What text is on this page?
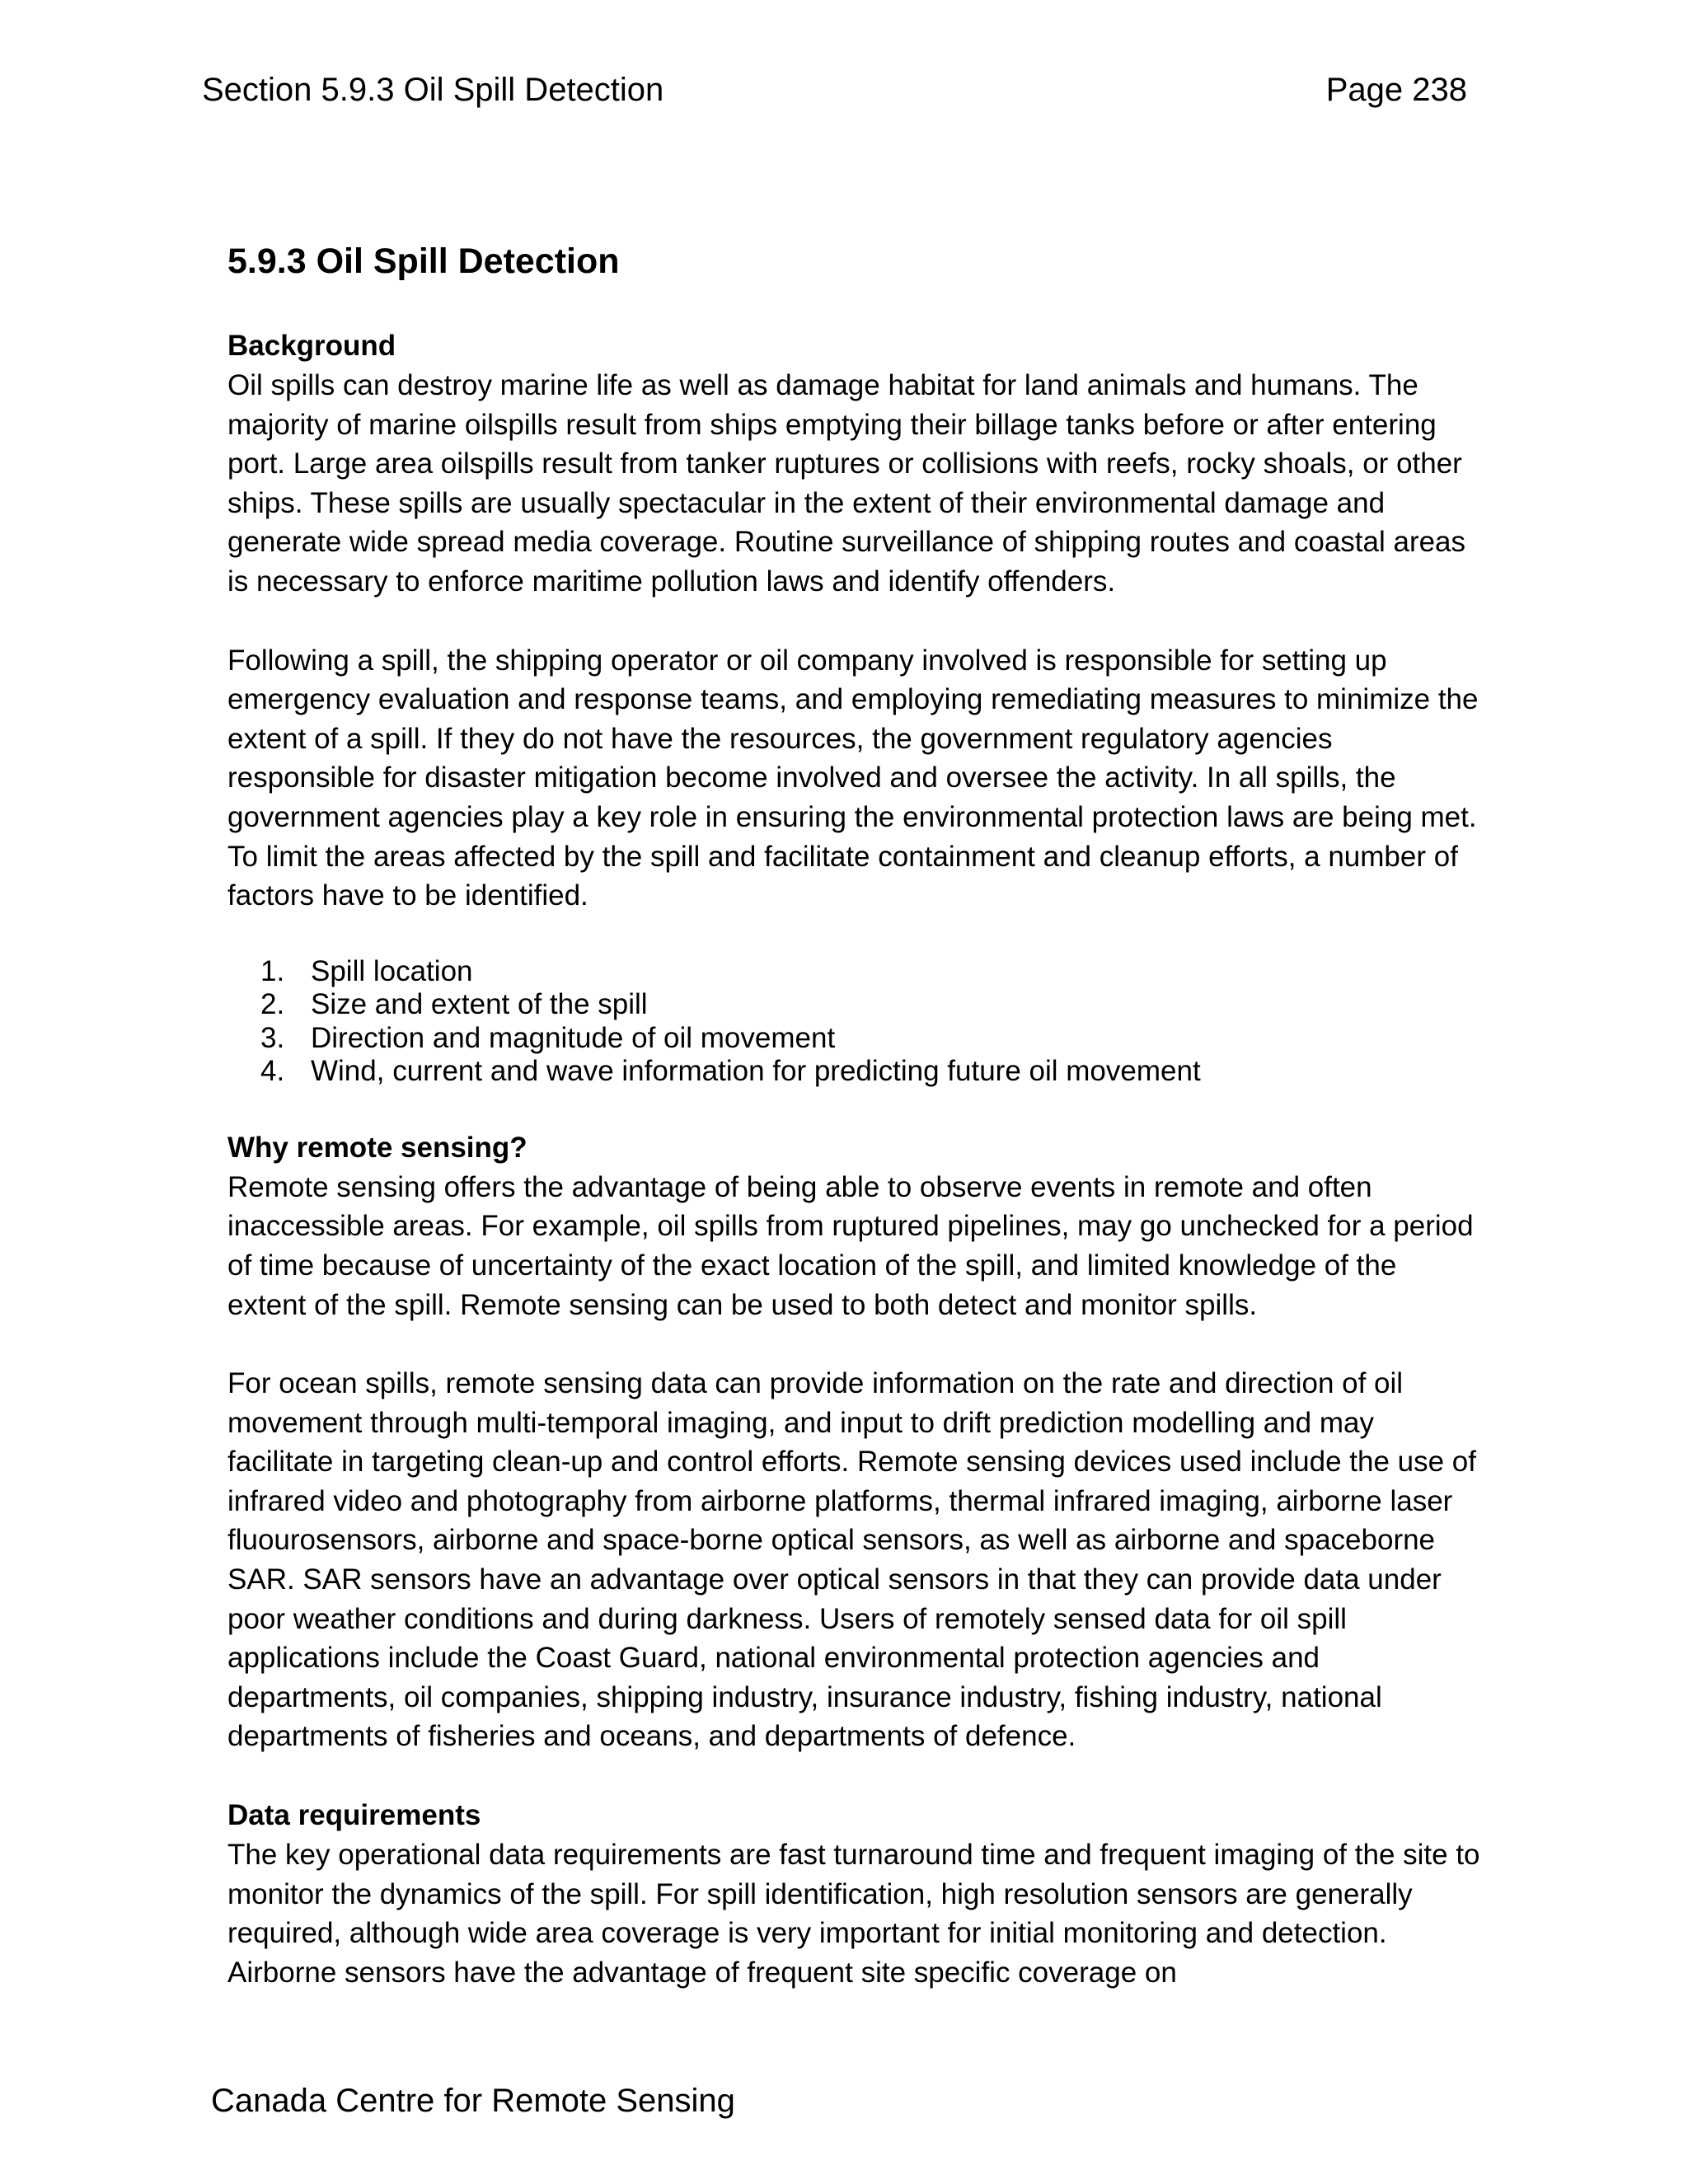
Section 5.9.3 Oil Spill Detection	Page 238
5.9.3 Oil Spill Detection
Background

Oil spills can destroy marine life as well as damage habitat for land animals and humans. The majority of marine oilspills result from ships emptying their billage tanks before or after entering port. Large area oilspills result from tanker ruptures or collisions with reefs, rocky shoals, or other ships. These spills are usually spectacular in the extent of their environmental damage and generate wide spread media coverage. Routine surveillance of shipping routes and coastal areas is necessary to enforce maritime pollution laws and identify offenders.

Following a spill, the shipping operator or oil company involved is responsible for setting up emergency evaluation and response teams, and employing remediating measures to minimize the extent of a spill. If they do not have the resources, the government regulatory agencies responsible for disaster mitigation become involved and oversee the activity. In all spills, the government agencies play a key role in ensuring the environmental protection laws are being met. To limit the areas affected by the spill and facilitate containment and cleanup efforts, a number of factors have to be identified.

1. Spill location
2. Size and extent of the spill
3. Direction and magnitude of oil movement
4. Wind, current and wave information for predicting future oil movement
Why remote sensing?

Remote sensing offers the advantage of being able to observe events in remote and often inaccessible areas. For example, oil spills from ruptured pipelines, may go unchecked for a period of time because of uncertainty of the exact location of the spill, and limited knowledge of the extent of the spill. Remote sensing can be used to both detect and monitor spills.

For ocean spills, remote sensing data can provide information on the rate and direction of oil movement through multi-temporal imaging, and input to drift prediction modelling and may facilitate in targeting clean-up and control efforts. Remote sensing devices used include the use of infrared video and photography from airborne platforms, thermal infrared imaging, airborne laser fluourosensors, airborne and space-borne optical sensors, as well as airborne and spaceborne SAR. SAR sensors have an advantage over optical sensors in that they can provide data under poor weather conditions and during darkness. Users of remotely sensed data for oil spill applications include the Coast Guard, national environmental protection agencies and departments, oil companies, shipping industry, insurance industry, fishing industry, national departments of fisheries and oceans, and departments of defence.

Data requirements

The key operational data requirements are fast turnaround time and frequent imaging of the site to monitor the dynamics of the spill. For spill identification, high resolution sensors are generally required, although wide area coverage is very important for initial monitoring and detection. Airborne sensors have the advantage of frequent site specific coverage on

Canada Centre for Remote Sensing
